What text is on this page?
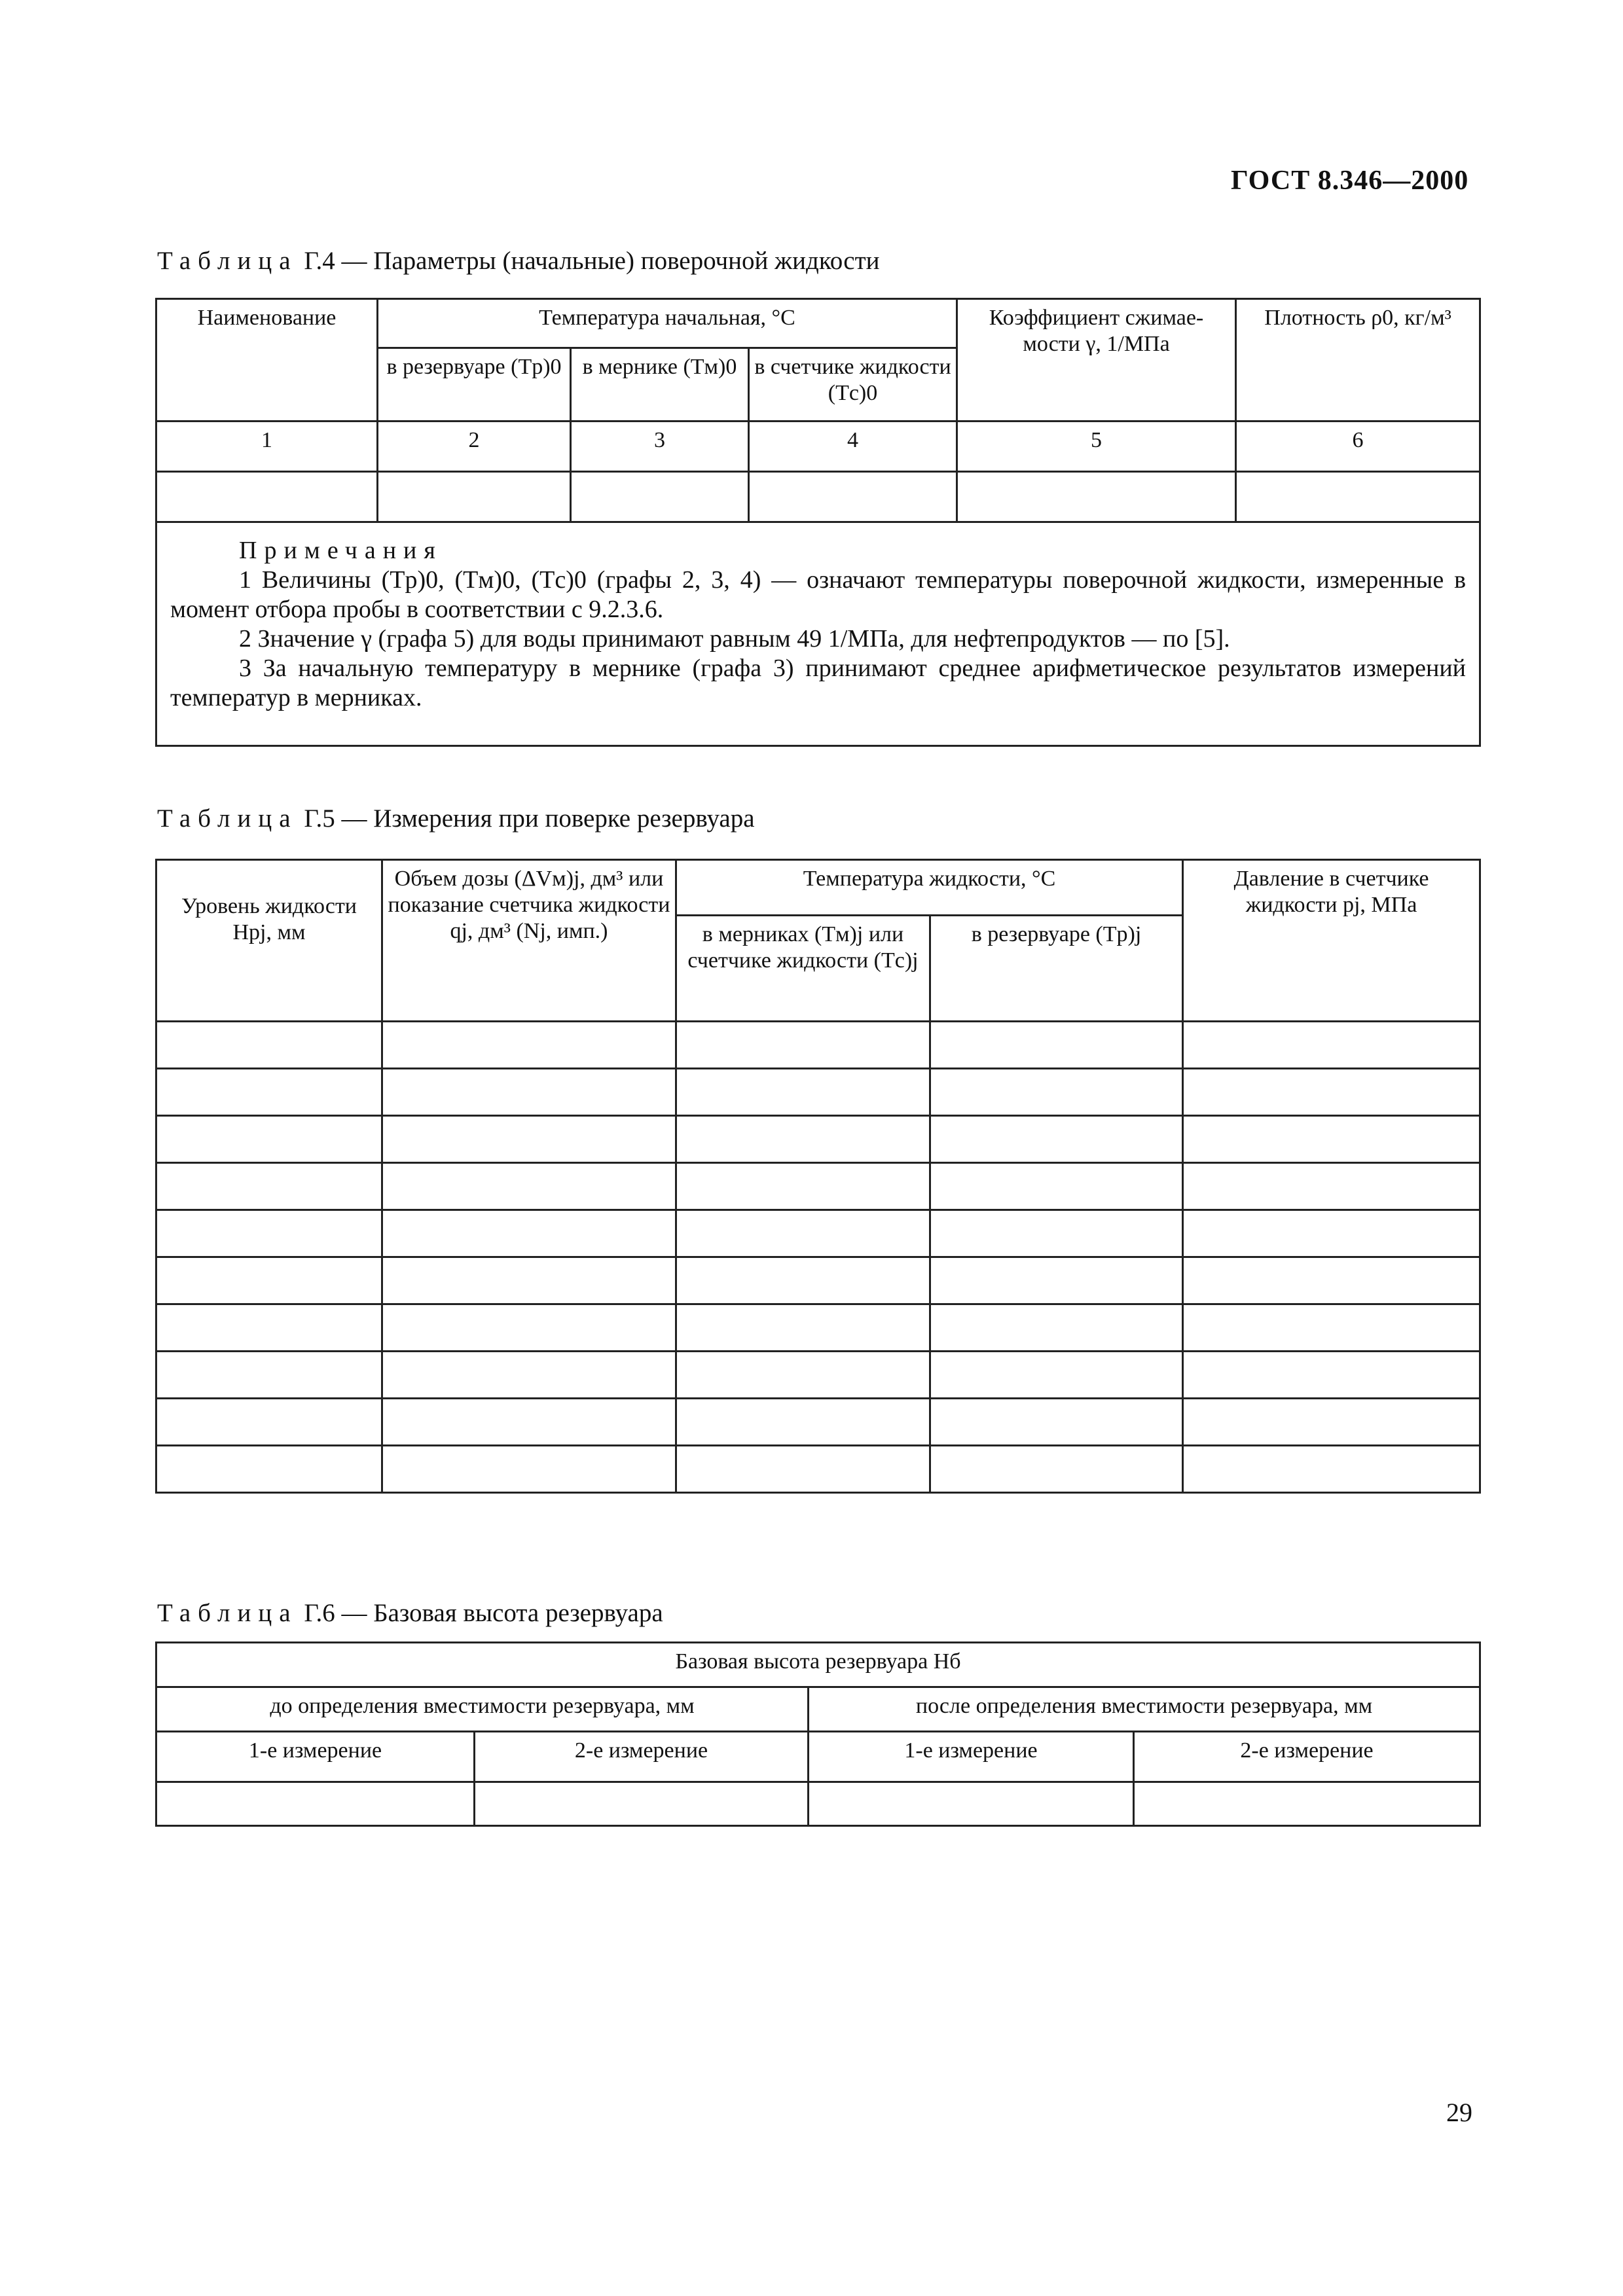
ГОСТ 8.346—2000
Таблица Г.4 — Параметры (начальные) поверочной жидкости
Наименование	Температура начальная, °С			Коэффициент сжимае-мости γ, 1/МПа	Плотность ρ0, кг/м³
	в резервуаре (Tр)0	в мернике (Tм)0	в счетчике жидкости (Tс)0		
1	2	3	4	5	6

Примечания

1 Величины (Tр)0, (Tм)0, (Tс)0 (графы 2, 3, 4) — означают температуры поверочной жидкости, измеренные в момент отбора пробы в соответствии с 9.2.3.6.

2 Значение γ (графа 5) для воды принимают равным 49 1/МПа, для нефтепродуктов — по [5].

3 За начальную температуру в мернике (графа 3) принимают среднее арифметическое результатов измерений температур в мерниках.					

Таблица Г.5 — Измерения при поверке резервуара
Уровень жидкости Hрj, мм	Объем дозы (ΔVм)j, дм³ или показание счетчика жидкости qj, дм³ (Nj, имп.)	Температура жидкости, °С		Давление в счетчике жидкости pj, МПа
		в мерниках (Tм)j или счетчике жидкости (Tс)j	в резервуаре (Tр)j	

Таблица Г.6 — Базовая высота резервуара
Базовая высота резервуара Hб			
до определения вместимости резервуара, мм		после определения вместимости резервуара, мм	
1-е измерение	2-е измерение	1-е измерение	2-е измерение

29
